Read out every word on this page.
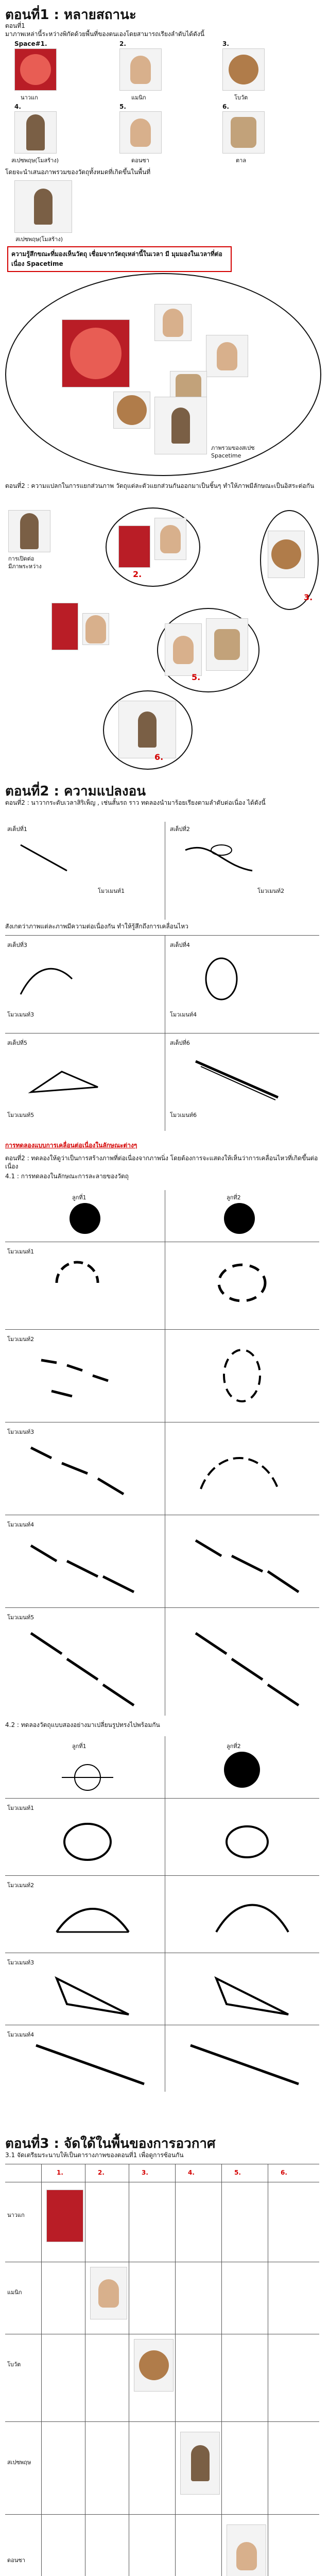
ตอนที่1 : หลายสถานะ
ตอนที่1
มาภาพเหล่านี้ระหว่างพิกัดด้วยพื้นที่ของตนเองโดยสามารถเรียงลำดับได้ดังนี้
Space#1.
นาวแก
2.
แมนิก
3.
โบวัต
4.
สเปซพฤษ(โมสร้าง)
5.
ดอนซา
6.
ตาล
โดยจะนำเสนอภาพรวมของวัตถุทั้งหมดที่เกิดขึ้นในพื้นที่
สเปซพฤษ(โมสร้าง)
ความรู้สึกขณะที่มองเห็นวัตถุ เชื่อมจากวัตถุเหล่านี้ในเวลา มี มุมมองในเวลาที่ต่อเนื่อง Spacetime
ภาพรวมของสเปซ Spacetime
ตอนที่2 : ความแปลกในการแยกส่วนภาพ วัตถุแต่ละตัวแยกส่วนกันออกมาเป็นชิ้นๆ ทำให้ภาพมีลักษณะเป็นอิสระต่อกัน
การเปิดต่อ
มีภาพระหว่าง
2.
3.
5.
6.
ตอนที่2 : ความแปลงอน
ตอนที่2 : นาวากระดับเวลาสิริเพ็ญ , เช่นสั้นรถ ราว ทดลองนำมาร้อยเรียงตามลำดับต่อเนื่อง ได้ดังนี้
สเต็ปที่1	สเต็ปที่2
โมวเมนท์1	โมวเมนท์2
สังเกตว่าภาพแต่ละภาพมีความต่อเนื่องกัน ทำให้รู้สึกถึงการเคลื่อนไหว
สเต็ปที่3	สเต็ปที่4
โมวเมนท์3	โมวเมนท์4
สเต็ปที่5	สเต็ปที่6
โมวเมนท์5	โมวเมนท์6
การทดลองแบบการเคลื่อนต่อเนื่องในลักษณะต่างๆ
ตอนที่2 : ทดลองให้ดูว่าเป็นการสร้างภาพที่ต่อเนื่องจากภาพนิ่ง โดยต้องการจะแสดงให้เห็นว่าการเคลื่อนไหวที่เกิดขึ้นต่อเนื่อง
4.1 : การทดลองในลักษณะการละลายของวัตถุ
ลูกที่1	ลูกที่2
โมวเมนท์1
โมวเมนท์2
โมวเมนท์3
โมวเมนท์4
โมวเมนท์5
4.2 : ทดลองวัตถุแบบสองอย่างมาเปลี่ยนรูปทรงไปพร้อมกัน
ลูกที่1	ลูกที่2
โมวเมนท์1
โมวเมนท์2
โมวเมนท์3
โมวเมนท์4
ตอนที่3 : จัดใด้ในพื้นของการอวกาศ
3.1 จัดเตรียมระนาบให้เป็นตารางภาพของตอนที่1 เพื่อดูการซ้อนกัน
1.	2.	3.	4.	5.	6.
นาวแก
แมนิก
โบวัต
สเปซพฤษ
ดอนซา
